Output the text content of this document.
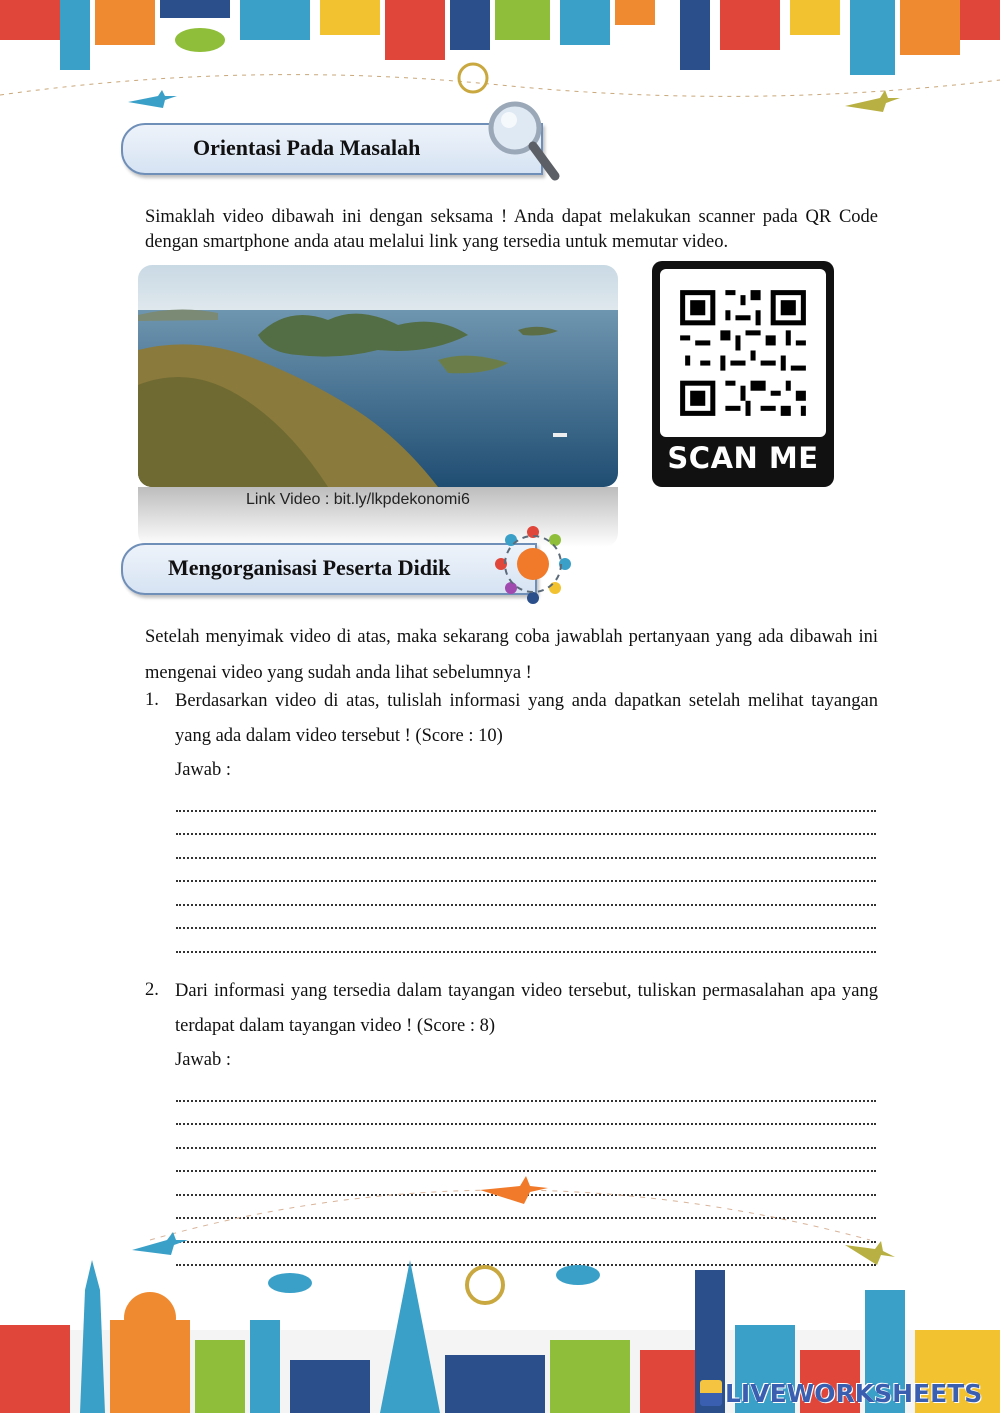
Orientasi Pada Masalah

Simaklah video dibawah ini dengan seksama ! Anda dapat melakukan scanner pada QR Code dengan smartphone anda atau melalui link yang tersedia untuk memutar video.

Link Video : bit.ly/lkpdekonomi6
SCAN ME
Mengorganisasi Peserta Didik

Setelah menyimak video di atas, maka sekarang coba jawablah pertanyaan yang ada dibawah ini mengenai video yang sudah anda lihat sebelumnya !

1. Berdasarkan video di atas, tulislah informasi yang anda dapatkan setelah melihat tayangan yang ada dalam video tersebut ! (Score : 10)
Jawab :
2. Dari informasi yang tersedia dalam tayangan video tersebut, tuliskan permasalahan apa yang terdapat dalam tayangan video ! (Score : 8)
Jawab :
LIVEWORKSHEETS
